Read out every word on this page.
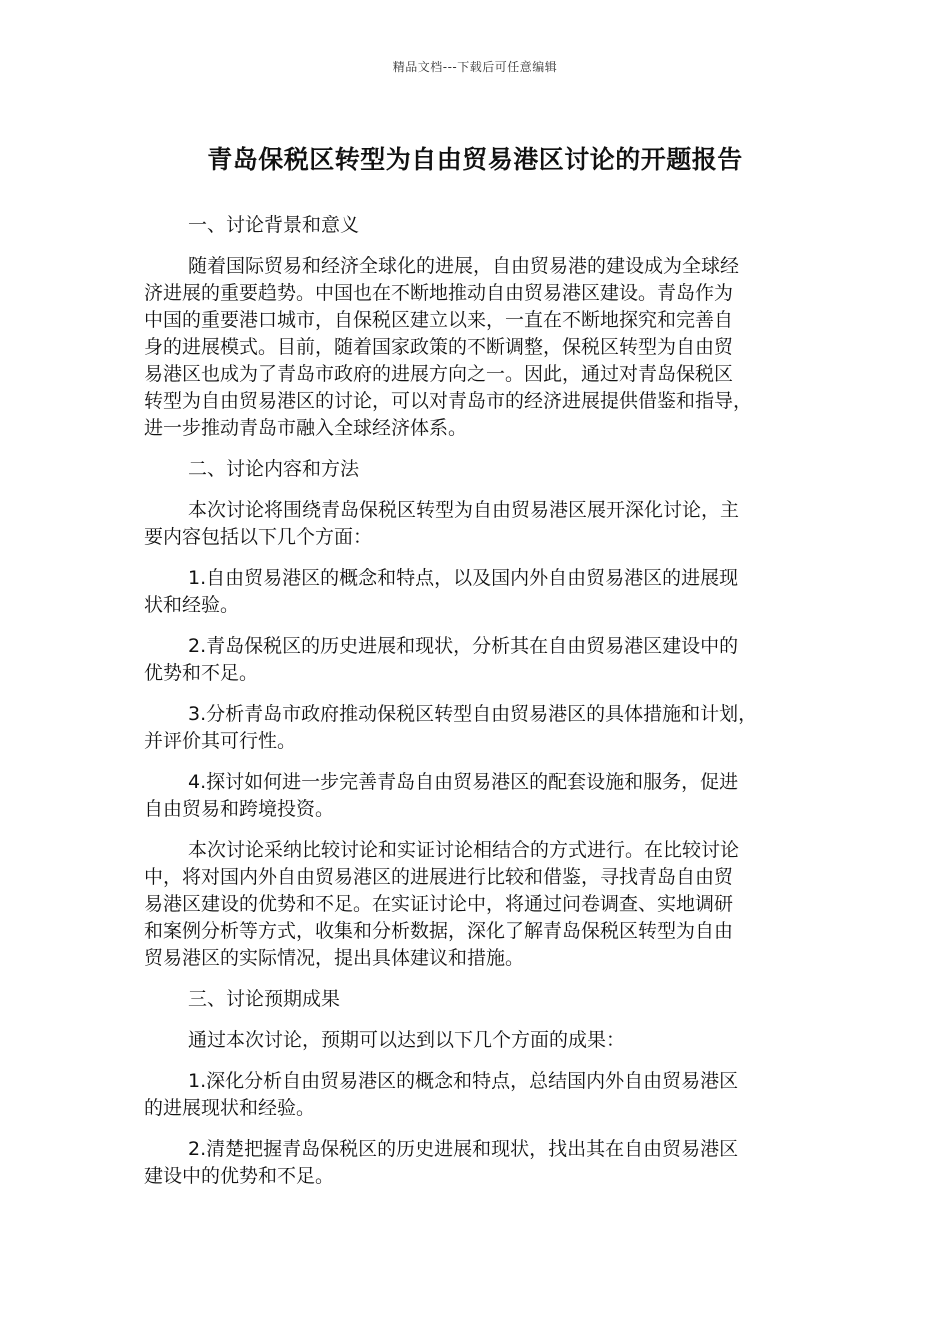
精品文档---下载后可任意编辑
青岛保税区转型为自由贸易港区讨论的开题报告
一、讨论背景和意义
随着国际贸易和经济全球化的进展，自由贸易港的建设成为全球经
济进展的重要趋势。中国也在不断地推动自由贸易港区建设。青岛作为
中国的重要港口城市，自保税区建立以来，一直在不断地探究和完善自
身的进展模式。目前，随着国家政策的不断调整，保税区转型为自由贸
易港区也成为了青岛市政府的进展方向之一。因此，通过对青岛保税区
转型为自由贸易港区的讨论，可以对青岛市的经济进展提供借鉴和指导，
进一步推动青岛市融入全球经济体系。
二、讨论内容和方法
本次讨论将围绕青岛保税区转型为自由贸易港区展开深化讨论，主
要内容包括以下几个方面：
1.自由贸易港区的概念和特点，以及国内外自由贸易港区的进展现
状和经验。
2.青岛保税区的历史进展和现状，分析其在自由贸易港区建设中的
优势和不足。
3.分析青岛市政府推动保税区转型自由贸易港区的具体措施和计划，
并评价其可行性。
4.探讨如何进一步完善青岛自由贸易港区的配套设施和服务，促进
自由贸易和跨境投资。
本次讨论采纳比较讨论和实证讨论相结合的方式进行。在比较讨论
中，将对国内外自由贸易港区的进展进行比较和借鉴，寻找青岛自由贸
易港区建设的优势和不足。在实证讨论中，将通过问卷调查、实地调研
和案例分析等方式，收集和分析数据，深化了解青岛保税区转型为自由
贸易港区的实际情况，提出具体建议和措施。
三、讨论预期成果
通过本次讨论，预期可以达到以下几个方面的成果：
1.深化分析自由贸易港区的概念和特点，总结国内外自由贸易港区
的进展现状和经验。
2.清楚把握青岛保税区的历史进展和现状，找出其在自由贸易港区
建设中的优势和不足。
